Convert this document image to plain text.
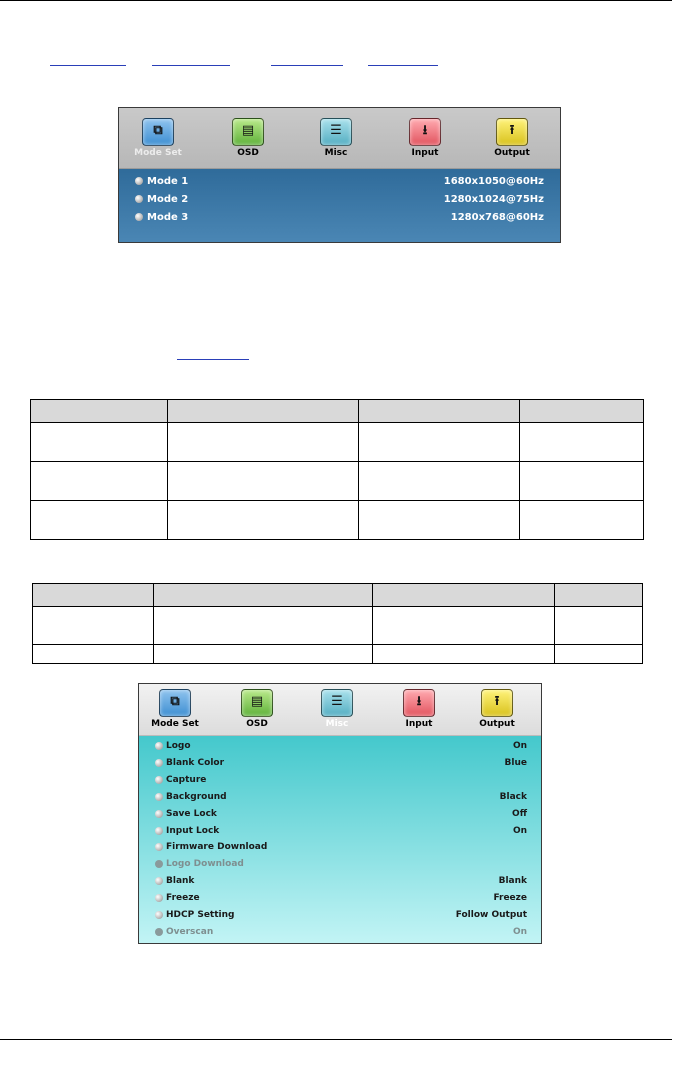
⧉
Mode Set
▤
OSD
☰
Misc
⭳
Input
⭱
Output
Mode 1	1680x1050@60Hz
Mode 2	1280x1024@75Hz
Mode 3	1280x768@60Hz

⧉
Mode Set
▤
OSD
☰
Misc
⭳
Input
⭱
Output
Logo	On
Blank Color	Blue
Capture
Background	Black
Save Lock	Off
Input Lock	On
Firmware Download
Logo Download
Blank	Blank
Freeze	Freeze
HDCP Setting	Follow Output
Overscan	On
